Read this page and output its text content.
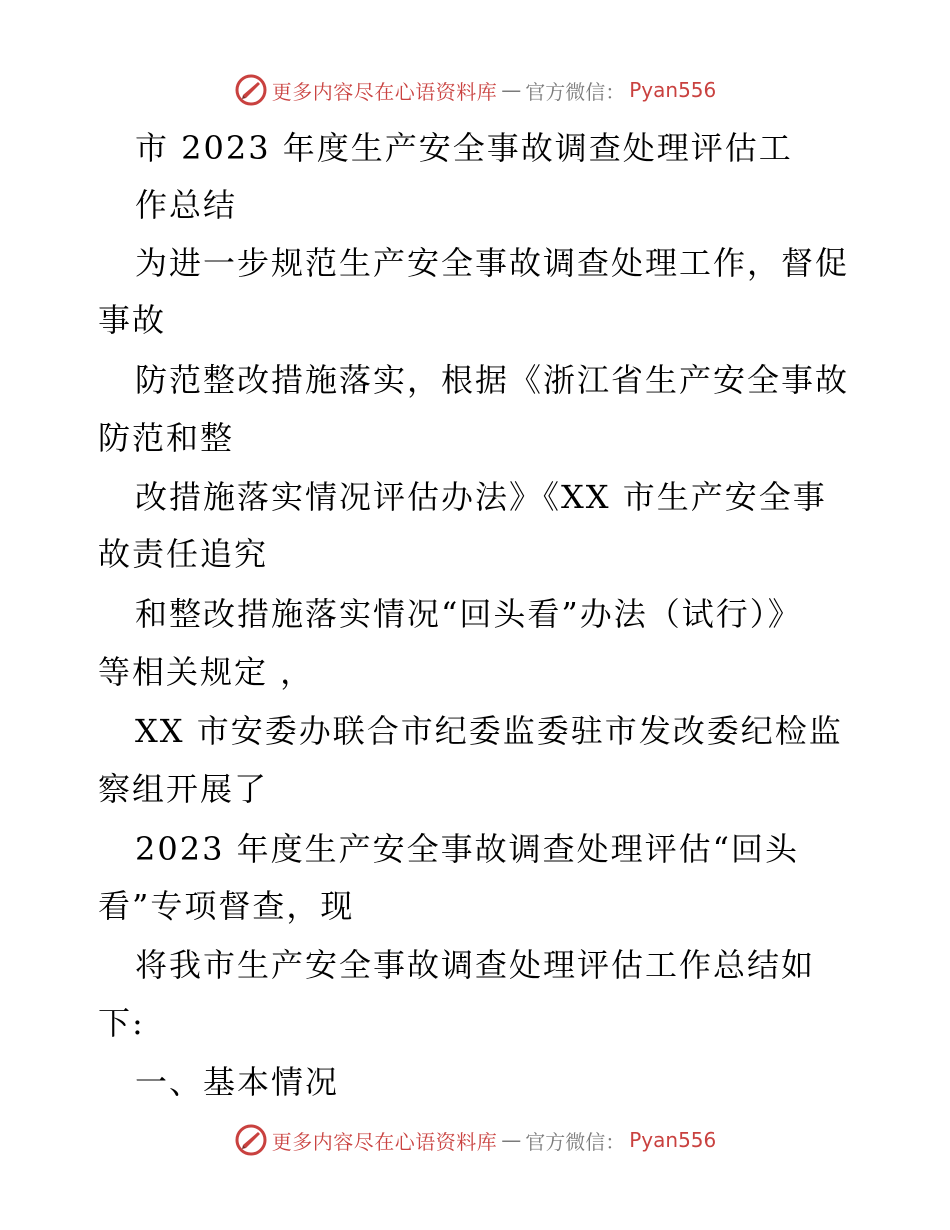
更多内容尽在心语资料库 — 官方微信： Pyan556
市 2023 年度生产安全事故调查处理评估工
作总结
为进一步规范生产安全事故调查处理工作，督促
事故
防范整改措施落实，根据《浙江省生产安全事故
防范和整
改措施落实情况评估办法》《XX 市生产安全事
故责任追究
和整改措施落实情况“回头看”办法（试行）》
等相关规定 ，
XX 市安委办联合市纪委监委驻市发改委纪检监
察组开展了
2023 年度生产安全事故调查处理评估“回头
看”专项督查，现
将我市生产安全事故调查处理评估工作总结如
下:
一、基本情况
更多内容尽在心语资料库 — 官方微信： Pyan556
